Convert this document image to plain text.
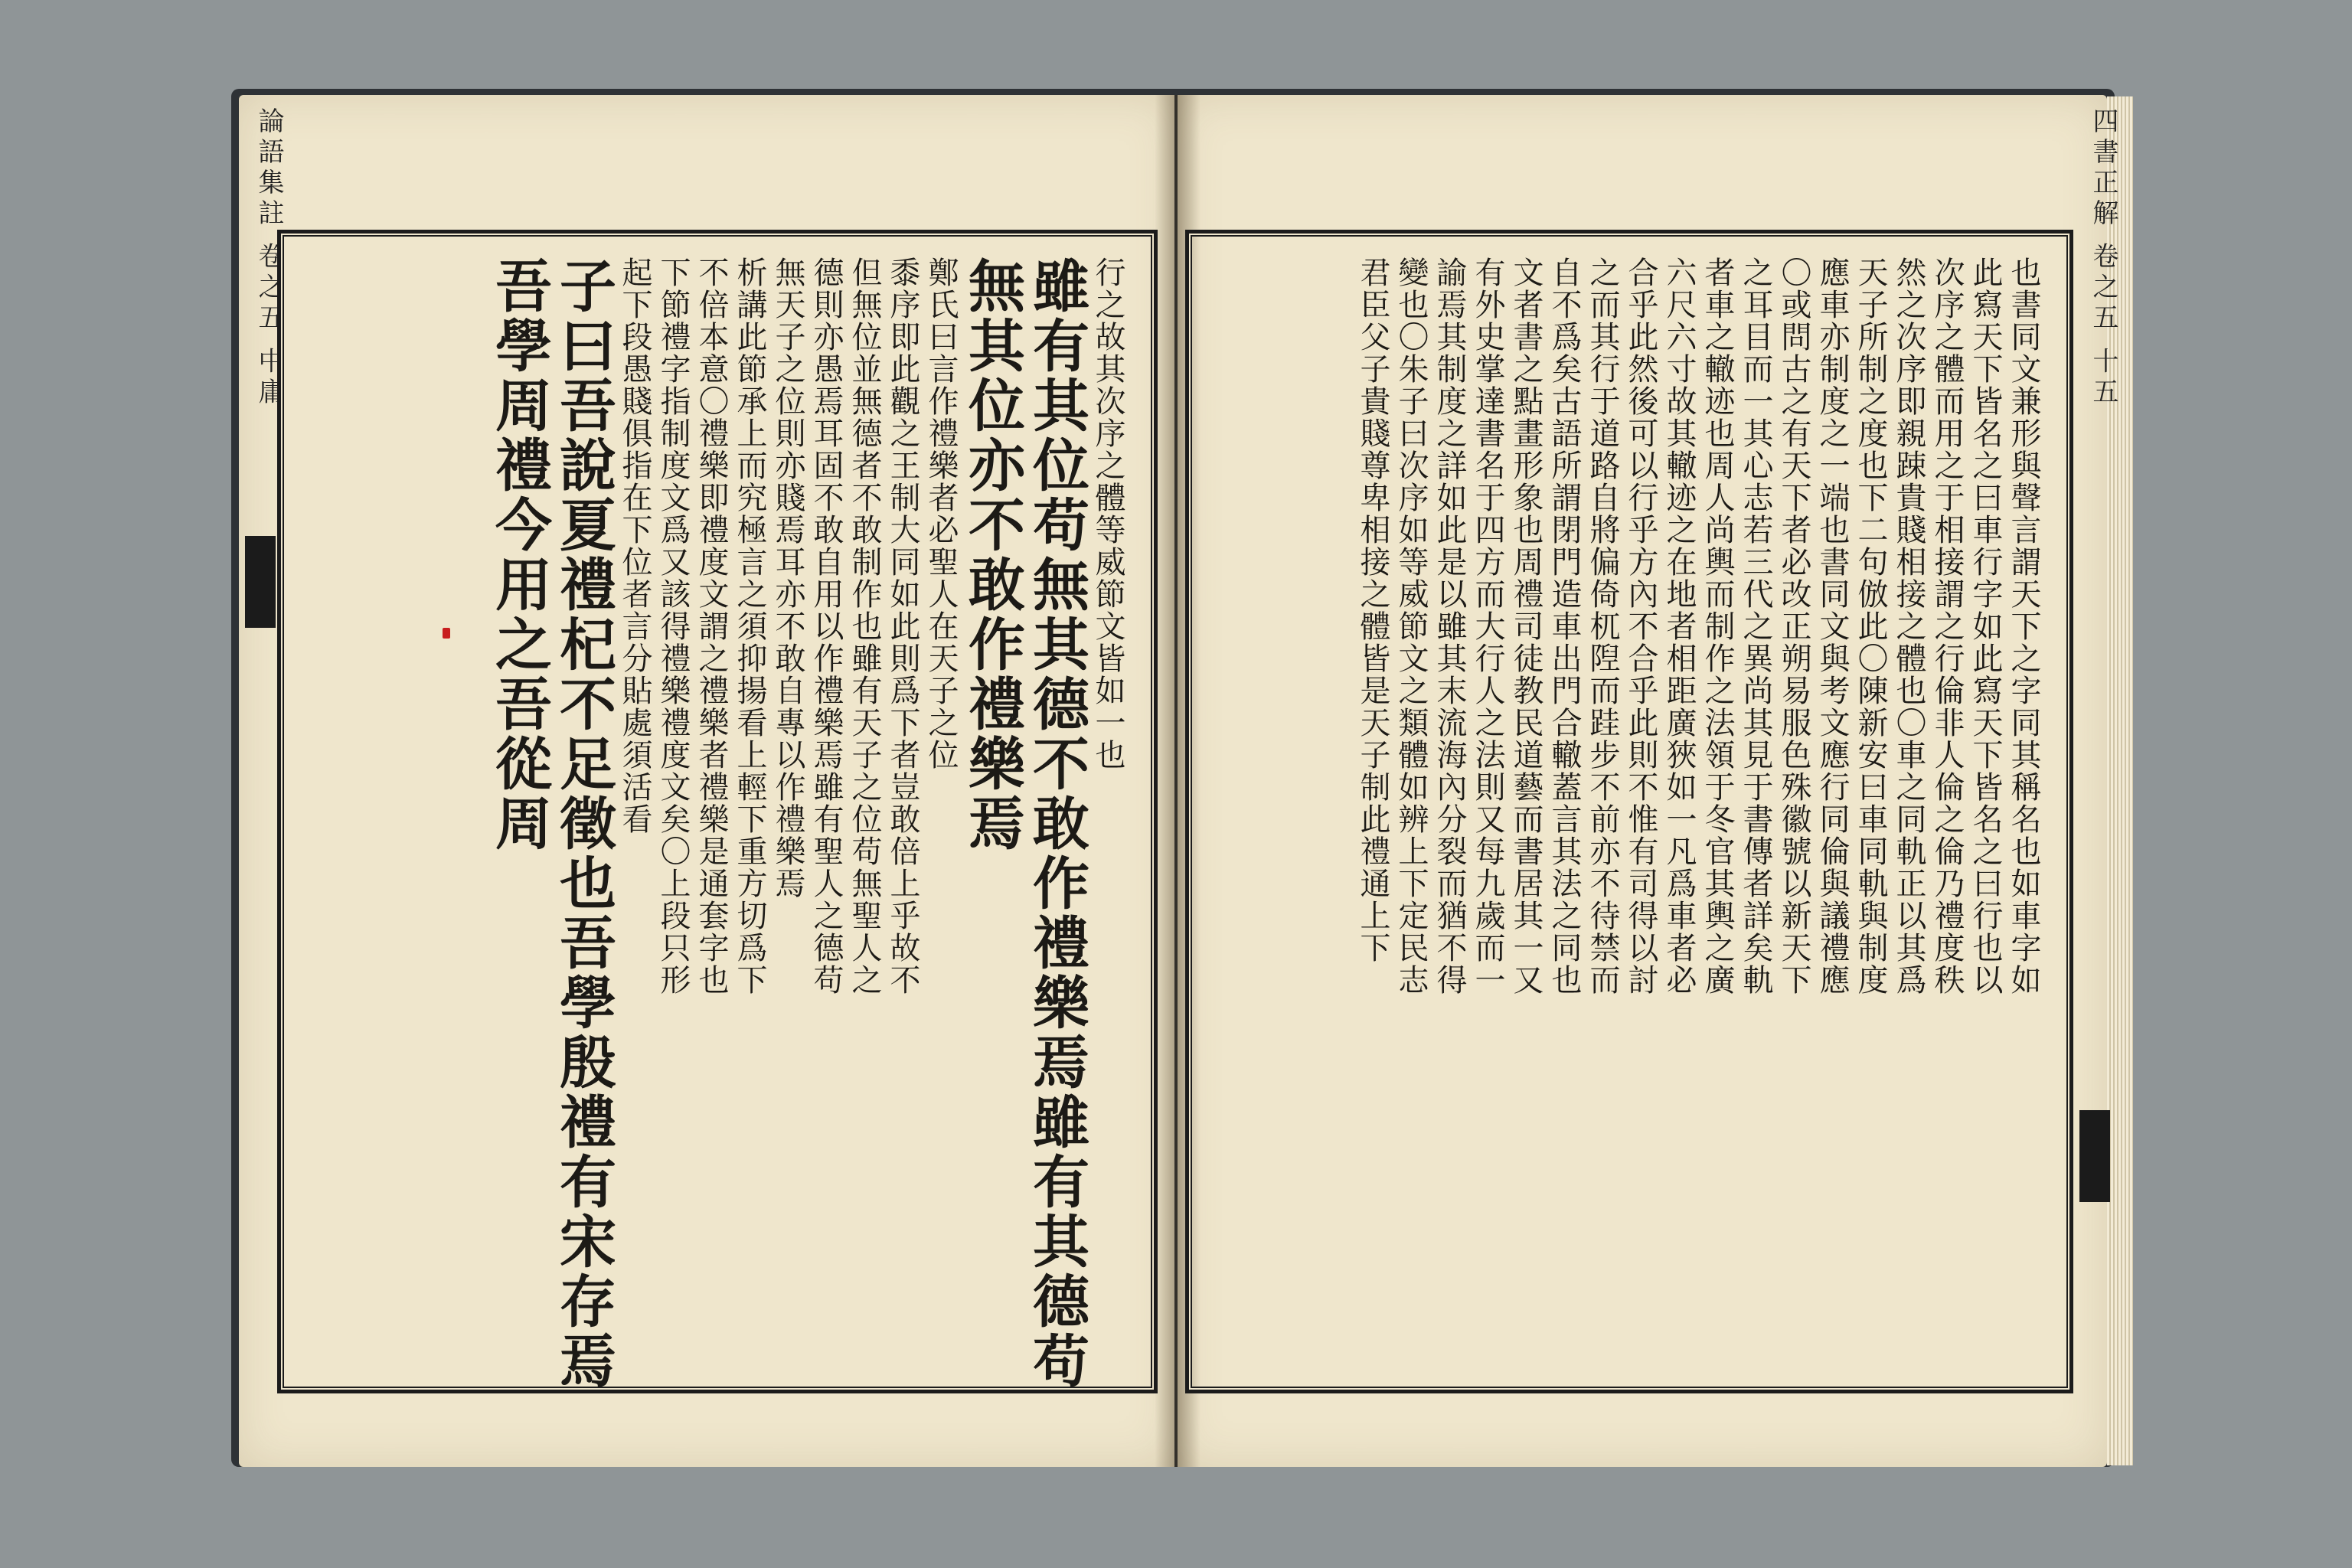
論語集註 卷之五 中庸	四書正解 卷之五 十五
行之故其次序之體等威節文皆如一也
雖有其位苟無其德不敢作禮樂焉雖有其德苟
無其位亦不敢作禮樂焉
鄭氏曰言作禮樂者必聖人在天子之位
黍序即此觀之王制大同如此則爲下者豈敢倍上乎故不
但無位並無德者不敢制作也雖有天子之位苟無聖人之
德則亦愚焉耳固不敢自用以作禮樂焉雖有聖人之德苟
無天子之位則亦賤焉耳亦不敢自專以作禮樂焉
析講此節承上而究極言之須抑揚看上輕下重方切爲下
不倍本意〇禮樂即禮度文謂之禮樂者禮樂是通套字也
下節禮字指制度文爲又該得禮樂禮度文矣〇上段只形
起下段愚賤俱指在下位者言分貼處須活看
子曰吾說夏禮杞不足徵也吾學殷禮有宋存焉
吾學周禮今用之吾從周	也書同文兼形與聲言謂天下之字同其稱名也如車字如
此寫天下皆名之曰車行字如此寫天下皆名之曰行也以
次序之體而用之于相接謂之行倫非人倫之倫乃禮度秩
然之次序即親踈貴賤相接之體也〇車之同軌正以其爲
天子所制之度也下二句倣此〇陳新安曰車同軌與制度
應車亦制度之一端也書同文與考文應行同倫與議禮應
〇或問古之有天下者必改正朔易服色殊徽號以新天下
之耳目而一其心志若三代之異尚其見于書傳者詳矣軌
者車之轍迹也周人尚輿而制作之法領于冬官其輿之廣
六尺六寸故其轍迹之在地者相距廣狹如一凡爲車者必
合乎此然後可以行乎方內不合乎此則不惟有司得以討
之而其行于道路自將偏倚杌隉而跬步不前亦不待禁而
自不爲矣古語所謂閉門造車出門合轍蓋言其法之同也
文者書之點畫形象也周禮司徒教民道藝而書居其一又
有外史掌達書名于四方而大行人之法則又每九歲而一
諭焉其制度之詳如此是以雖其末流海內分裂而猶不得
變也〇朱子曰次序如等威節文之類體如辨上下定民志
君臣父子貴賤尊卑相接之體皆是天子制此禮通上下
